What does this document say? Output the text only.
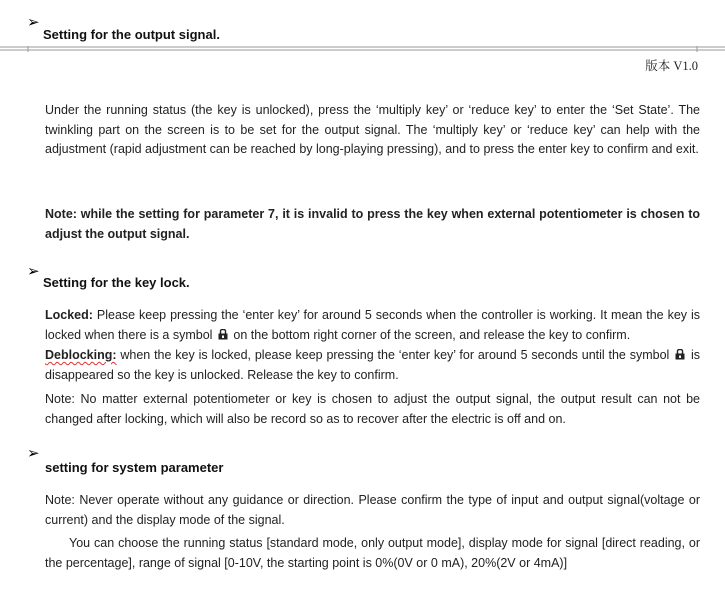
➢
Setting for the output signal.
版本 V1.0
Under the running status (the key is unlocked), press the ‘multiply key’ or ‘reduce key’ to enter the ‘Set State’. The twinkling part on the screen is to be set for the output signal. The ‘multiply key’ or ‘reduce key’ can help with the adjustment (rapid adjustment can be reached by long-playing pressing), and to press the enter key to confirm and exit.
Note: while the setting for parameter 7, it is invalid to press the key when external potentiometer is chosen to adjust the output signal.
➢
Setting for the key lock.
Locked: Please keep pressing the ‘enter key’ for around 5 seconds when the controller is working. It mean the key is locked when there is a symbol on the bottom right corner of the screen, and release the key to confirm.
Deblocking: when the key is locked, please keep pressing the ‘enter key’ for around 5 seconds until the symbol is disappeared so the key is unlocked. Release the key to confirm.
Note: No matter external potentiometer or key is chosen to adjust the output signal, the output result can not be changed after locking, which will also be record so as to recover after the electric is off and on.
➢
setting for system parameter
Note: Never operate without any guidance or direction. Please confirm the type of input and output signal(voltage or current) and the display mode of the signal.
You can choose the running status [standard mode, only output mode], display mode for signal [direct reading, or the percentage], range of signal [0-10V, the starting point is 0%(0V or 0 mA), 20%(2V or 4mA)]
